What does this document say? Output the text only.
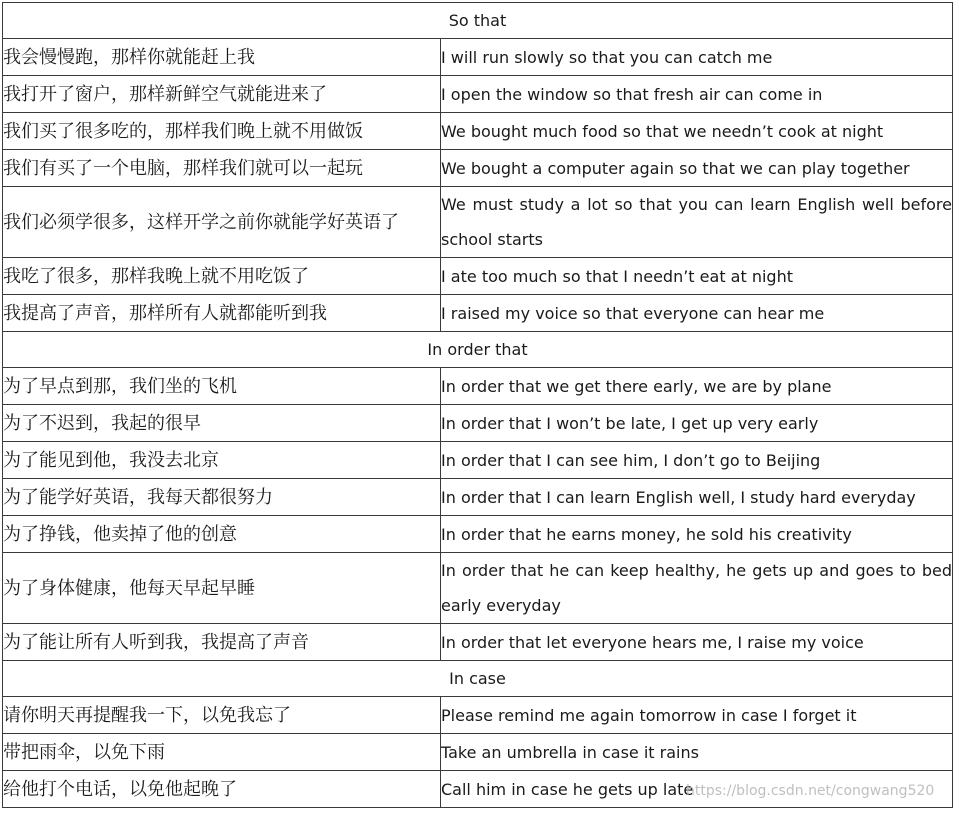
So that	
我会慢慢跑，那样你就能赶上我	I will run slowly so that you can catch me
我打开了窗户，那样新鲜空气就能进来了	I open the window so that fresh air can come in
我们买了很多吃的，那样我们晚上就不用做饭	We bought much food so that we needn’t cook at night
我们有买了一个电脑，那样我们就可以一起玩	We bought a computer again so that we can play together
我们必须学很多，这样开学之前你就能学好英语了	We must study a lot so that you can learn English well before school starts
我吃了很多，那样我晚上就不用吃饭了	I ate too much so that I needn’t eat at night
我提高了声音，那样所有人就都能听到我	I raised my voice so that everyone can hear me
In order that	
为了早点到那，我们坐的飞机	In order that we get there early, we are by plane
为了不迟到，我起的很早	In order that I won’t be late, I get up very early
为了能见到他，我没去北京	In order that I can see him, I don’t go to Beijing
为了能学好英语，我每天都很努力	In order that I can learn English well, I study hard everyday
为了挣钱，他卖掉了他的创意	In order that he earns money, he sold his creativity
为了身体健康，他每天早起早睡	In order that he can keep healthy, he gets up and goes to bed early everyday
为了能让所有人听到我，我提高了声音	In order that let everyone hears me, I raise my voice
In case	
请你明天再提醒我一下，以免我忘了	Please remind me again tomorrow in case I forget it
带把雨伞，以免下雨	Take an umbrella in case it rains
给他打个电话，以免他起晚了	Call him in case he gets up late
https://blog.csdn.net/congwang520
